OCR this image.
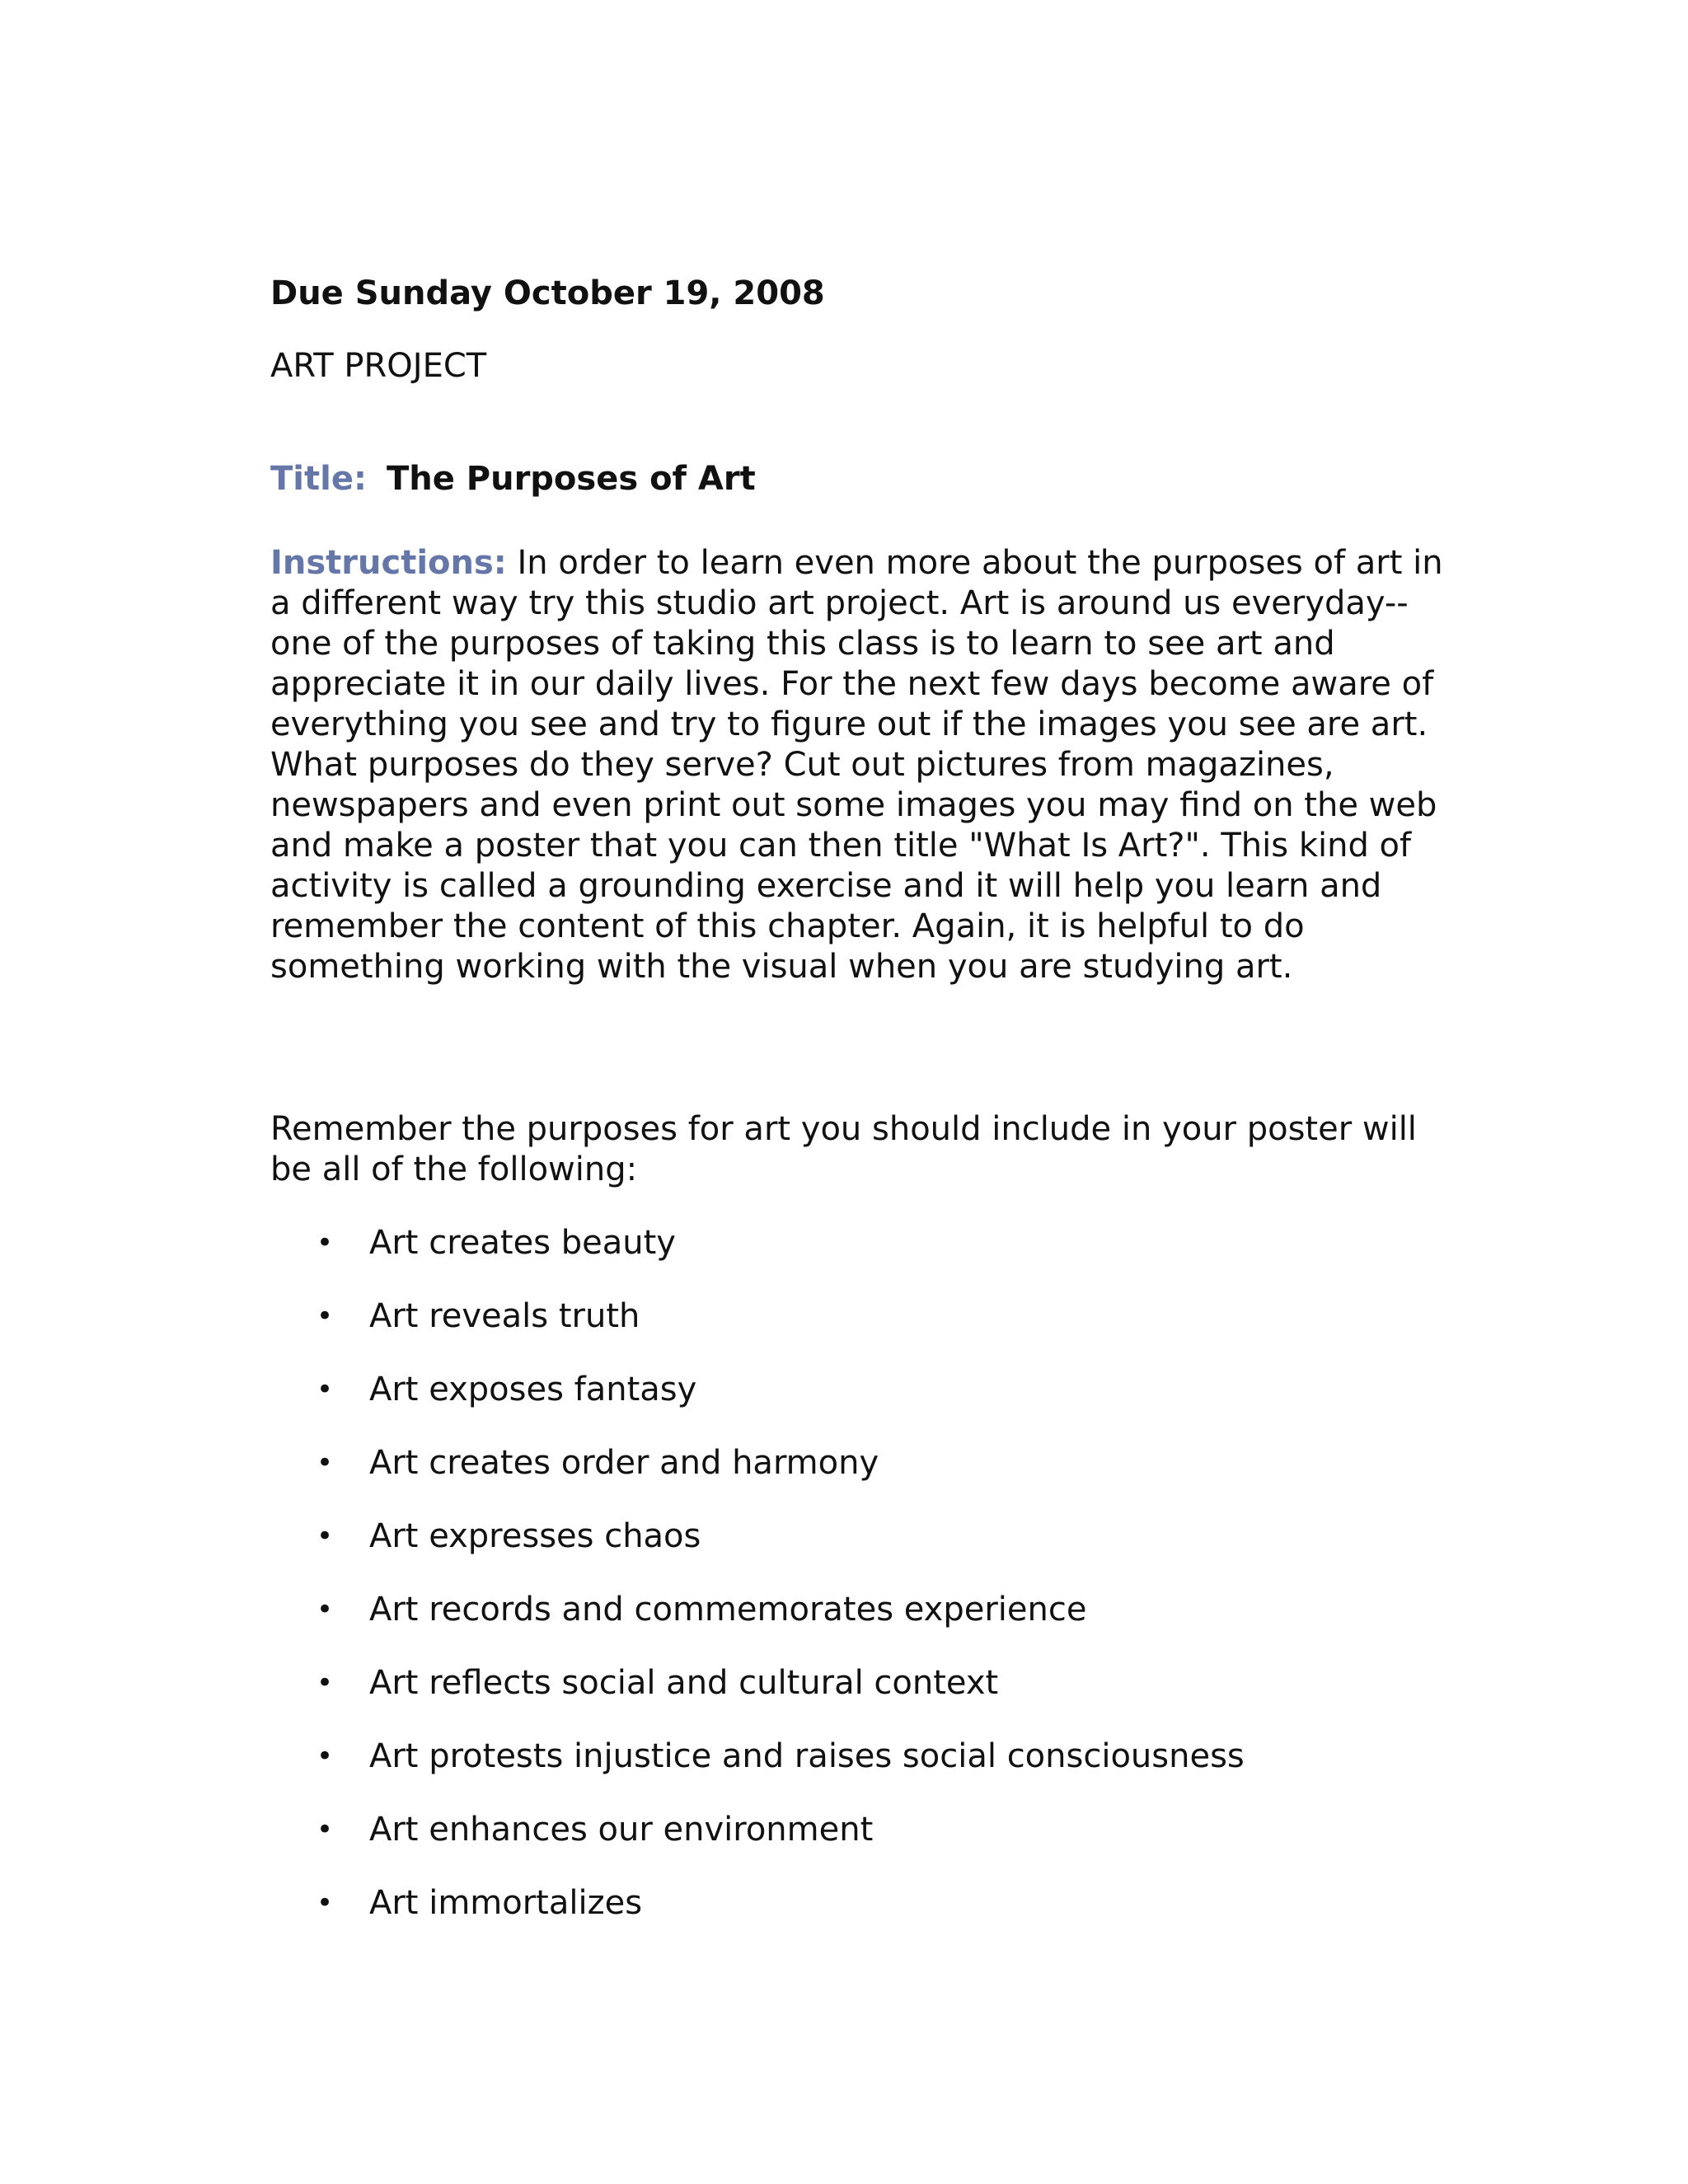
Due Sunday October 19, 2008

ART PROJECT

Title: The Purposes of Art

Instructions: In order to learn even more about the purposes of art in a different way try this studio art project. Art is around us everyday--one of the purposes of taking this class is to learn to see art and appreciate it in our daily lives. For the next few days become aware of everything you see and try to figure out if the images you see are art. What purposes do they serve? Cut out pictures from magazines, newspapers and even print out some images you may find on the web and make a poster that you can then title "What Is Art?". This kind of activity is called a grounding exercise and it will help you learn and remember the content of this chapter. Again, it is helpful to do something working with the visual when you are studying art.

Remember the purposes for art you should include in your poster will be all of the following:

• Art creates beauty
• Art reveals truth
• Art exposes fantasy
• Art creates order and harmony
• Art expresses chaos
• Art records and commemorates experience
• Art reflects social and cultural context
• Art protests injustice and raises social consciousness
• Art enhances our environment
• Art immortalizes
